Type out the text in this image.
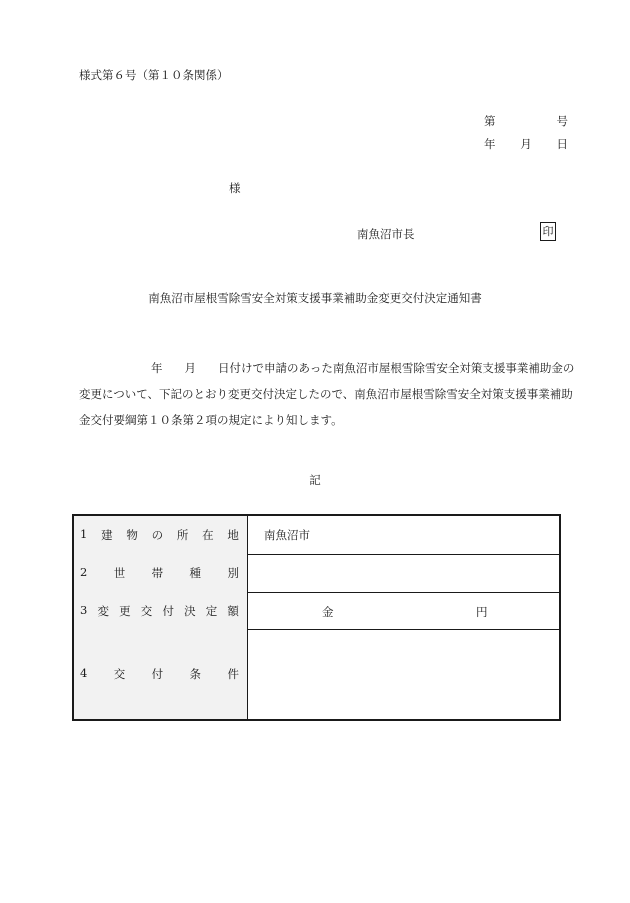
様式第６号（第１０条関係）
第	号
年 月 日
様
南魚沼市長	印
南魚沼市屋根雪除雪安全対策支援事業補助金変更交付決定通知書
年 月 日付けで申請のあった南魚沼市屋根雪除雪安全対策支援事業補助金の変更について、下記のとおり変更交付決定したので、南魚沼市屋根雪除雪安全対策支援事業補助金交付要綱第１０条第２項の規定により知します。
記
1 建 物 の 所 在 地	南魚沼市
2 世 帯 種 別
3 変 更 交 付 決 定 額	金	円
4 交 付 条 件
